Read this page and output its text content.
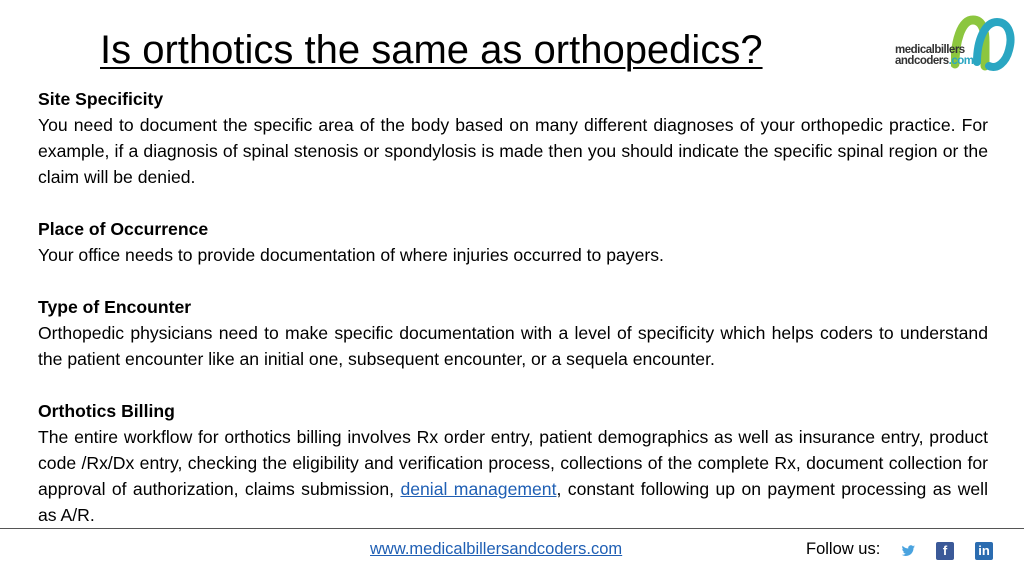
Is orthotics the same as orthopedics?	medicalbillers
andcoders.com
Site Specificity
You need to document the specific area of the body based on many different diagnoses of your orthopedic practice. For example, if a diagnosis of spinal stenosis or spondylosis is made then you should indicate the specific spinal region or the claim will be denied.
Place of Occurrence
Your office needs to provide documentation of where injuries occurred to payers.
Type of Encounter
Orthopedic physicians need to make specific documentation with a level of specificity which helps coders to understand the patient encounter like an initial one, subsequent encounter, or a sequela encounter.
Orthotics Billing
The entire workflow for orthotics billing involves Rx order entry, patient demographics as well as insurance entry, product code /Rx/Dx entry, checking the eligibility and verification process, collections of the complete Rx, document collection for approval of authorization, claims submission, denial management, constant following up on payment processing as well as A/R.
www.medicalbillersandcoders.com	Follow us:	f	in
